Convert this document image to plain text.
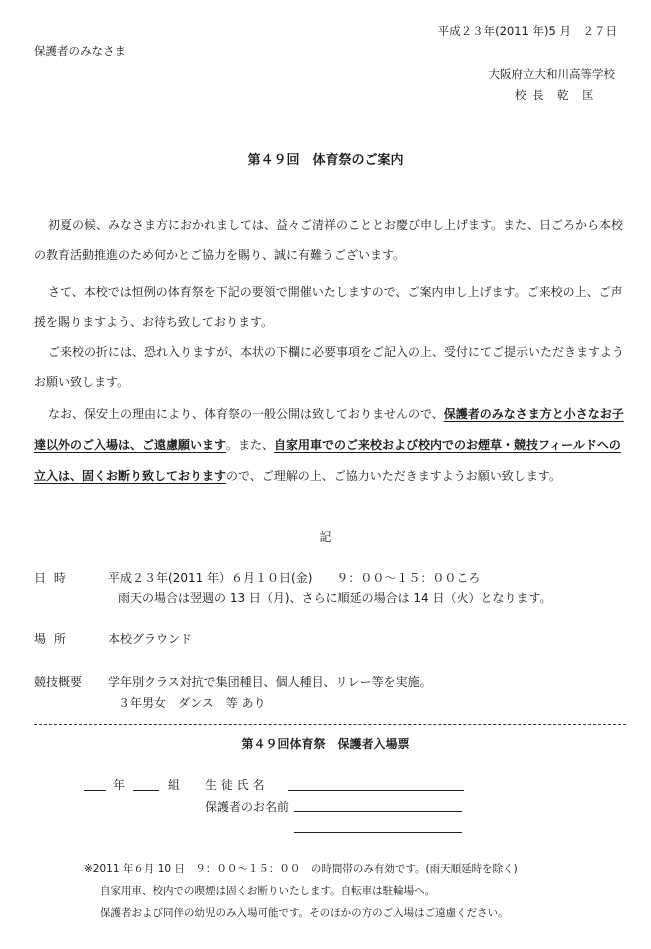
平成２３年(2011 年)5 月　２７日
保護者のみなさま
大阪府立大和川高等学校
校 長　乾　匡
第４９回　体育祭のご案内
初夏の候、みなさま方におかれましては、益々ご清祥のこととお慶び申し上げます。また、日ごろから本校
の教育活動推進のため何かとご協力を賜り、誠に有難うございます。
さて、本校では恒例の体育祭を下記の要領で開催いたしますので、ご案内申し上げます。ご来校の上、ご声
援を賜りますよう、お待ち致しております。
ご来校の折には、恐れ入りますが、本状の下欄に必要事項をご記入の上、受付にてご提示いただきますよう
お願い致します。
なお、保安上の理由により、体育祭の一般公開は致しておりませんので、保護者のみなさま方と小さなお子
達以外のご入場は、ご遠慮願います。また、自家用車でのご来校および校内でのお煙草・競技フィールドへの
立入は、固くお断り致しておりますので、ご理解の上、ご協力いただきますようお願い致します。
記
日 時	平成２３年(2011 年）６月１０日(金)　　９：００～１５：００ころ
雨天の場合は翌週の 13 日（月)、さらに順延の場合は 14 日（火）となります。
場 所	本校グラウンド
競技概要 学年別クラス対抗で集団種目、個人種目、リレー等を実施。
３年男女　ダンス　等 あり
第４９回体育祭　保護者入場票
年	組 生 徒 氏 名
保護者のお名前
※2011 年６月 10 日　９：００～１５：００　の時間帯のみ有効です。(雨天順延時を除く)
自家用車、校内での喫煙は固くお断りいたします。自転車は駐輪場へ。
保護者および同伴の幼児のみ入場可能です。そのほかの方のご入場はご遠慮ください。
